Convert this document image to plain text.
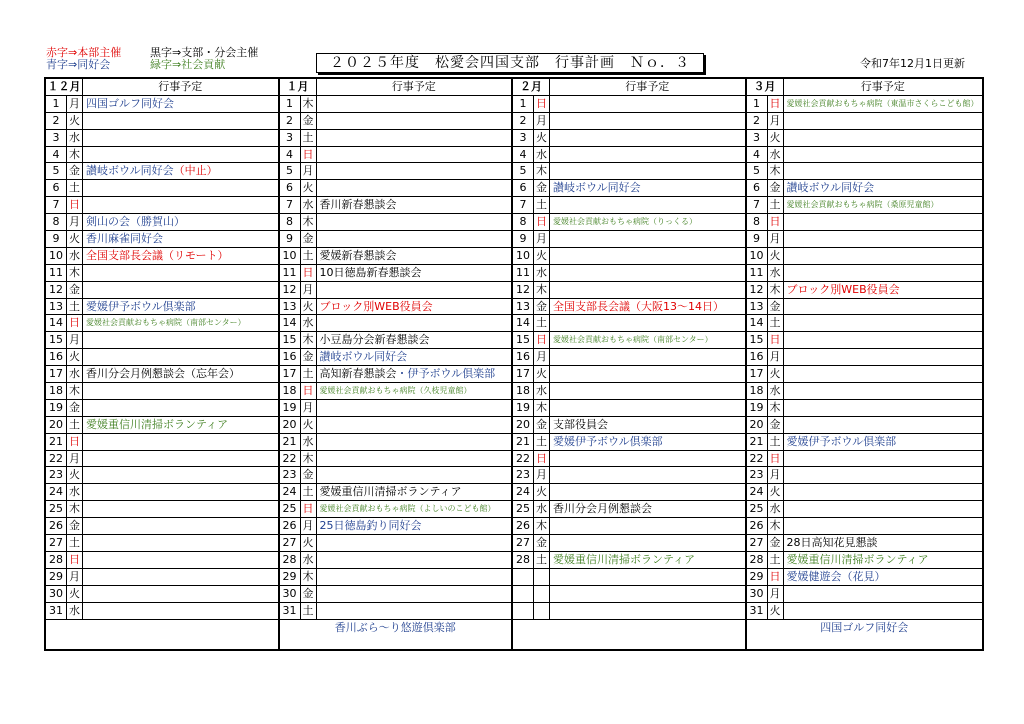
赤字⇒本部主催
青字⇒同好会
黒字⇒支部・分会主催
緑字⇒社会貢献	２０２５年度　松愛会四国支部　行事計画　Ｎｏ．３	令和7年12月1日更新
１２月	行事予定
1 月 四国ゴルフ同好会
2 火
3 水
4 木
5 金 讃岐ボウル同好会（中止）
6 土
7 日
8 月 剣山の会（勝賀山）
9 火 香川麻雀同好会
10 水 全国支部長会議（リモート）
11 木
12 金
13 土 愛媛伊予ボウル倶楽部
14 日 愛媛社会貢献おもちゃ病院（南部センター）
15 月
16 火
17 水 香川分会月例懇談会（忘年会）
18 木
19 金
20 土 愛媛重信川清掃ボランティア
21 日
22 月
23 火
24 水
25 木
26 金
27 土
28 日
29 月
30 火
31 水
１月	行事予定
1 木
2 金
3 土
4 日
5 月
6 火
7 水 香川新春懇談会
8 木
9 金
10 土 愛媛新春懇談会
11 日 10日徳島新春懇談会
12 月
13 火 ブロック別WEB役員会
14 水
15 木 小豆島分会新春懇談会
16 金 讃岐ボウル同好会
17 土 高知新春懇談会・伊予ボウル倶楽部
18 日 愛媛社会貢献おもちゃ病院（久枝児童館）
19 月
20 火
21 水
22 木
23 金
24 土 愛媛重信川清掃ボランティア
25 日 愛媛社会貢献おもちゃ病院（よしいのこども館）
26 月 25日徳島釣り同好会
27 火
28 水
29 木
30 金
31 土
香川ぶら～り悠遊倶楽部
２月	行事予定
1 日
2 月
3 火
4 水
5 木
6 金 讃岐ボウル同好会
7 土
8 日 愛媛社会貢献おもちゃ病院（りっくる）
9 月
10 火
11 水
12 木
13 金 全国支部長会議（大阪13～14日）
14 土
15 日 愛媛社会貢献おもちゃ病院（南部センター）
16 月
17 火
18 水
19 木
20 金 支部役員会
21 土 愛媛伊予ボウル倶楽部
22 日
23 月
24 火
25 水 香川分会月例懇談会
26 木
27 金
28 土 愛媛重信川清掃ボランティア
３月	行事予定
1 日 愛媛社会貢献おもちゃ病院（東温市さくらこども館）
2 月
3 火
4 水
5 木
6 金 讃岐ボウル同好会
7 土 愛媛社会貢献おもちゃ病院（桑原児童館）
8 日
9 月
10 火
11 水
12 木 ブロック別WEB役員会
13 金
14 土
15 日
16 月
17 火
18 水
19 木
20 金
21 土 愛媛伊予ボウル倶楽部
22 日
23 月
24 火
25 水
26 木
27 金 28日高知花見懇談
28 土 愛媛重信川清掃ボランティア
29 日 愛媛健遊会（花見）
30 月
31 火
四国ゴルフ同好会
